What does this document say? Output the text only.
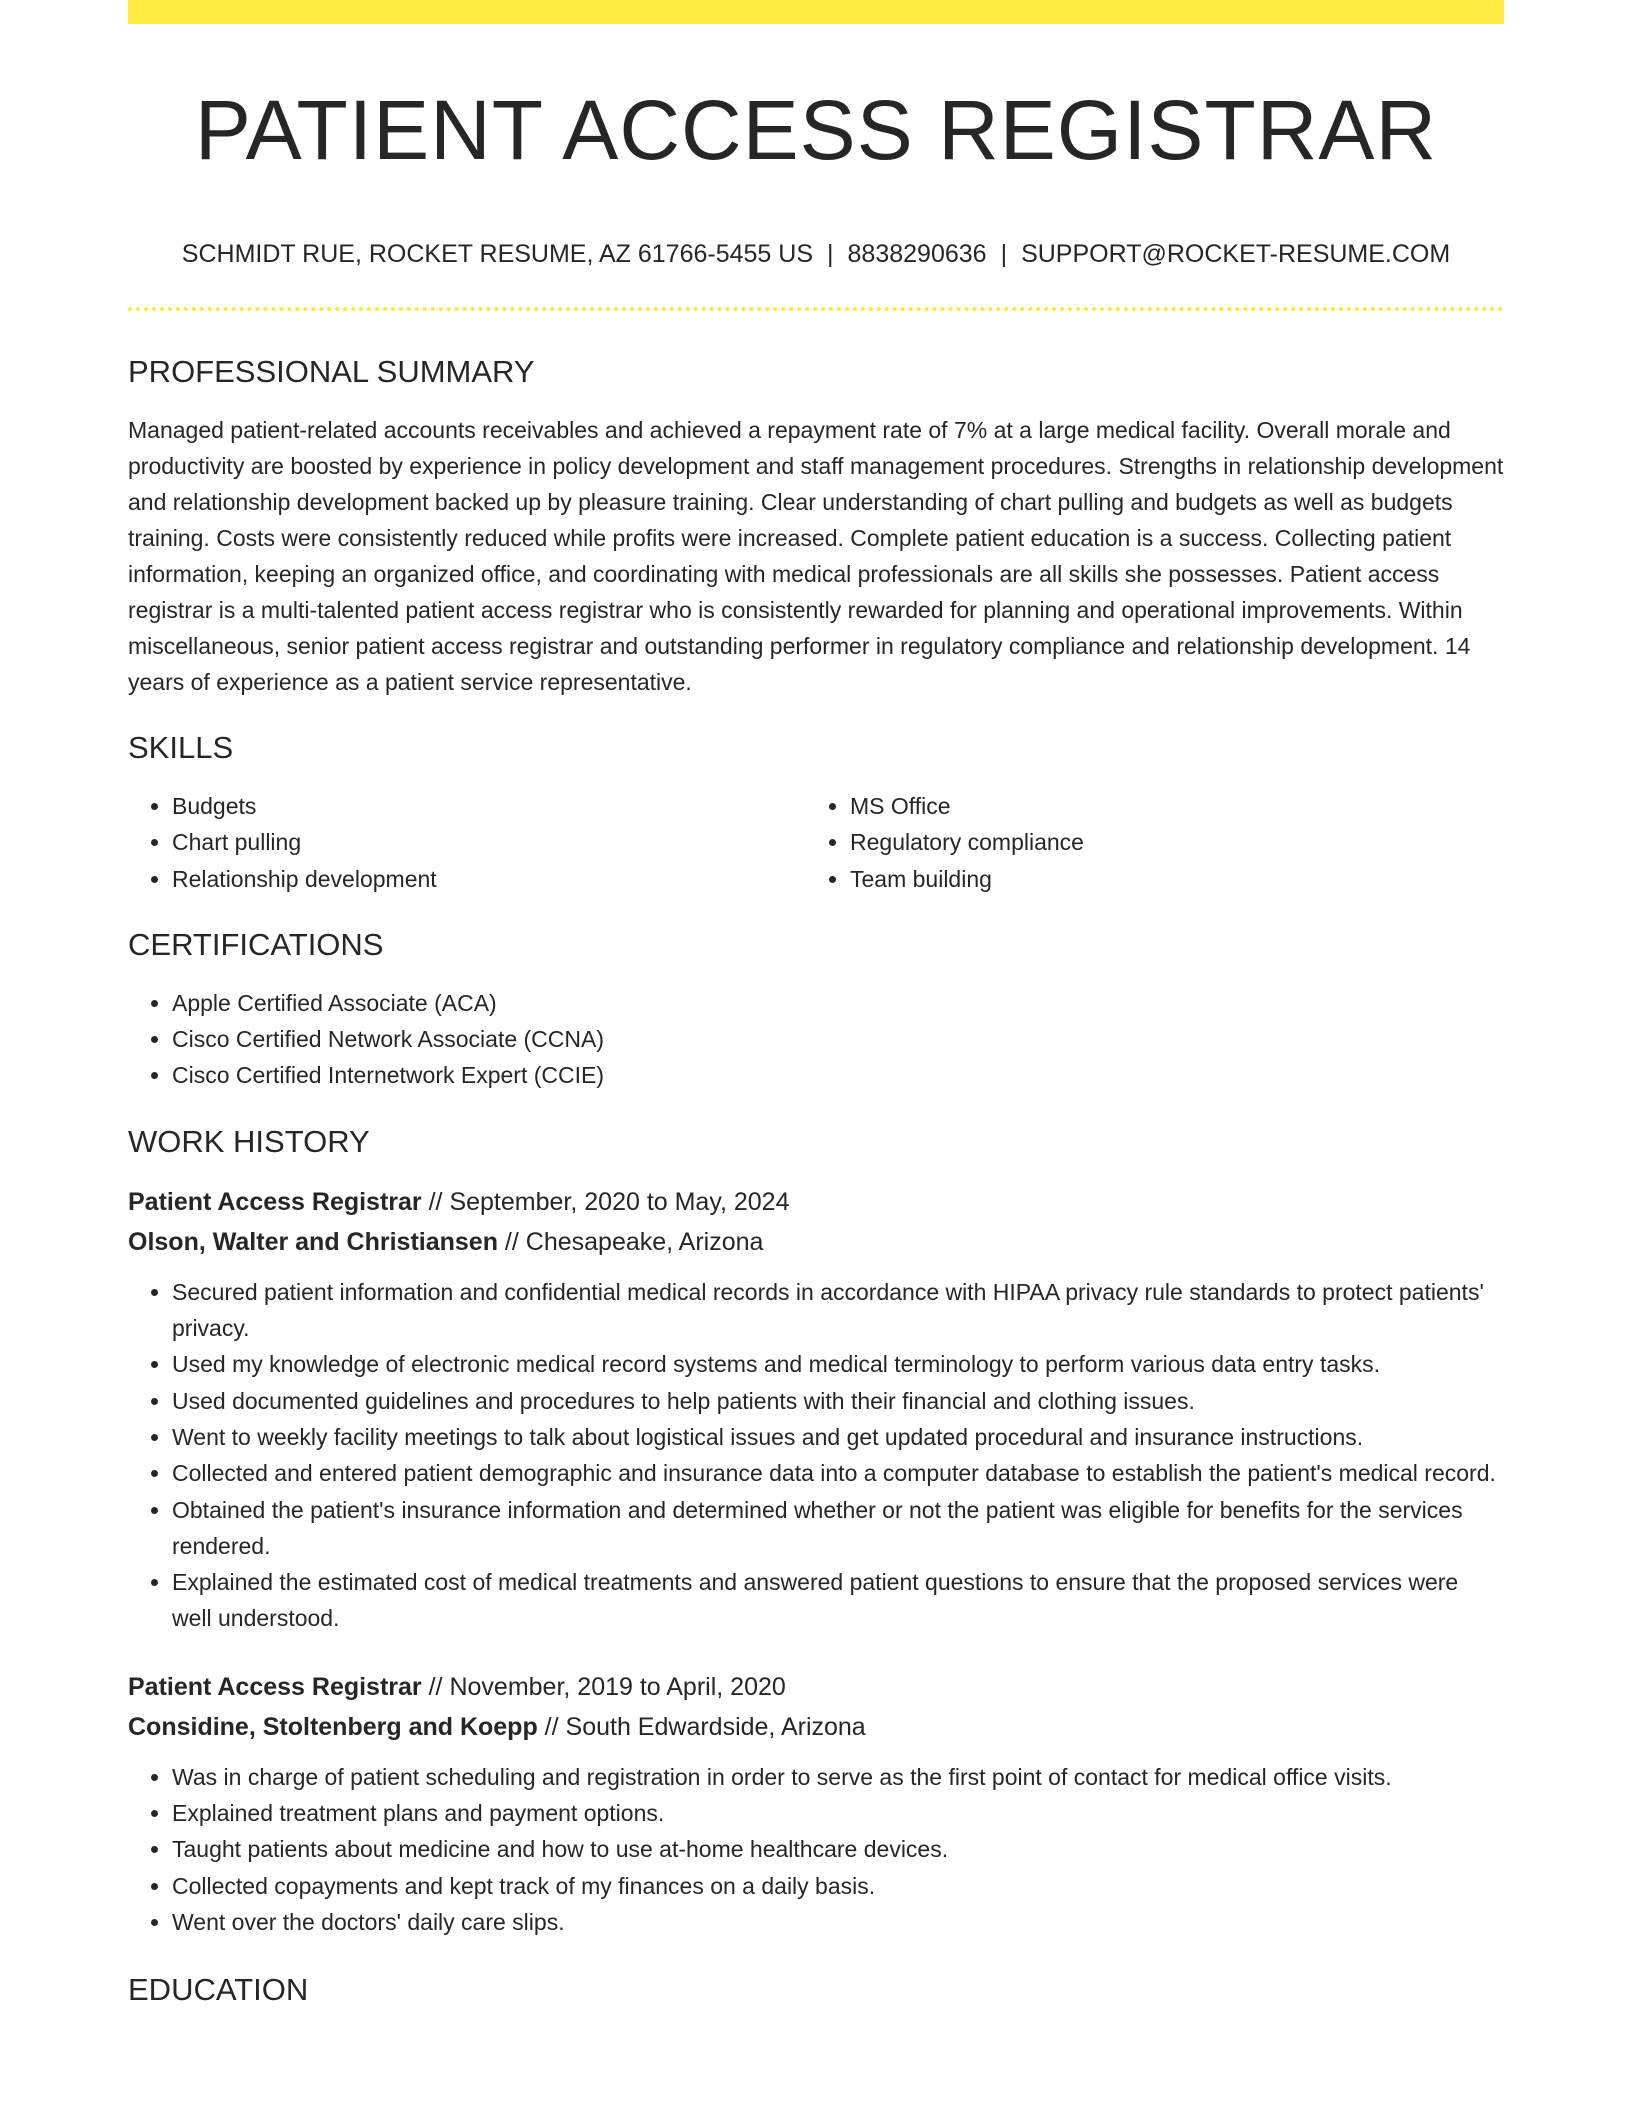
PATIENT ACCESS REGISTRAR
SCHMIDT RUE, ROCKET RESUME, AZ 61766-5455 US | 8838290636 | SUPPORT@ROCKET-RESUME.COM
PROFESSIONAL SUMMARY

Managed patient-related accounts receivables and achieved a repayment rate of 7% at a large medical facility. Overall morale and productivity are boosted by experience in policy development and staff management procedures. Strengths in relationship development and relationship development backed up by pleasure training. Clear understanding of chart pulling and budgets as well as budgets training. Costs were consistently reduced while profits were increased. Complete patient education is a success. Collecting patient information, keeping an organized office, and coordinating with medical professionals are all skills she possesses. Patient access registrar is a multi-talented patient access registrar who is consistently rewarded for planning and operational improvements. Within miscellaneous, senior patient access registrar and outstanding performer in regulatory compliance and relationship development. 14 years of experience as a patient service representative.

SKILLS
• Budgets
• Chart pulling
• Relationship development
• MS Office
• Regulatory compliance
• Team building
CERTIFICATIONS
• Apple Certified Associate (ACA)
• Cisco Certified Network Associate (CCNA)
• Cisco Certified Internetwork Expert (CCIE)
WORK HISTORY
Patient Access Registrar // September, 2020 to May, 2024
Olson, Walter and Christiansen // Chesapeake, Arizona
• Secured patient information and confidential medical records in accordance with HIPAA privacy rule standards to protect patients' privacy.
• Used my knowledge of electronic medical record systems and medical terminology to perform various data entry tasks.
• Used documented guidelines and procedures to help patients with their financial and clothing issues.
• Went to weekly facility meetings to talk about logistical issues and get updated procedural and insurance instructions.
• Collected and entered patient demographic and insurance data into a computer database to establish the patient's medical record.
• Obtained the patient's insurance information and determined whether or not the patient was eligible for benefits for the services rendered.
• Explained the estimated cost of medical treatments and answered patient questions to ensure that the proposed services were well understood.
Patient Access Registrar // November, 2019 to April, 2020
Considine, Stoltenberg and Koepp // South Edwardside, Arizona
• Was in charge of patient scheduling and registration in order to serve as the first point of contact for medical office visits.
• Explained treatment plans and payment options.
• Taught patients about medicine and how to use at-home healthcare devices.
• Collected copayments and kept track of my finances on a daily basis.
• Went over the doctors' daily care slips.
EDUCATION
